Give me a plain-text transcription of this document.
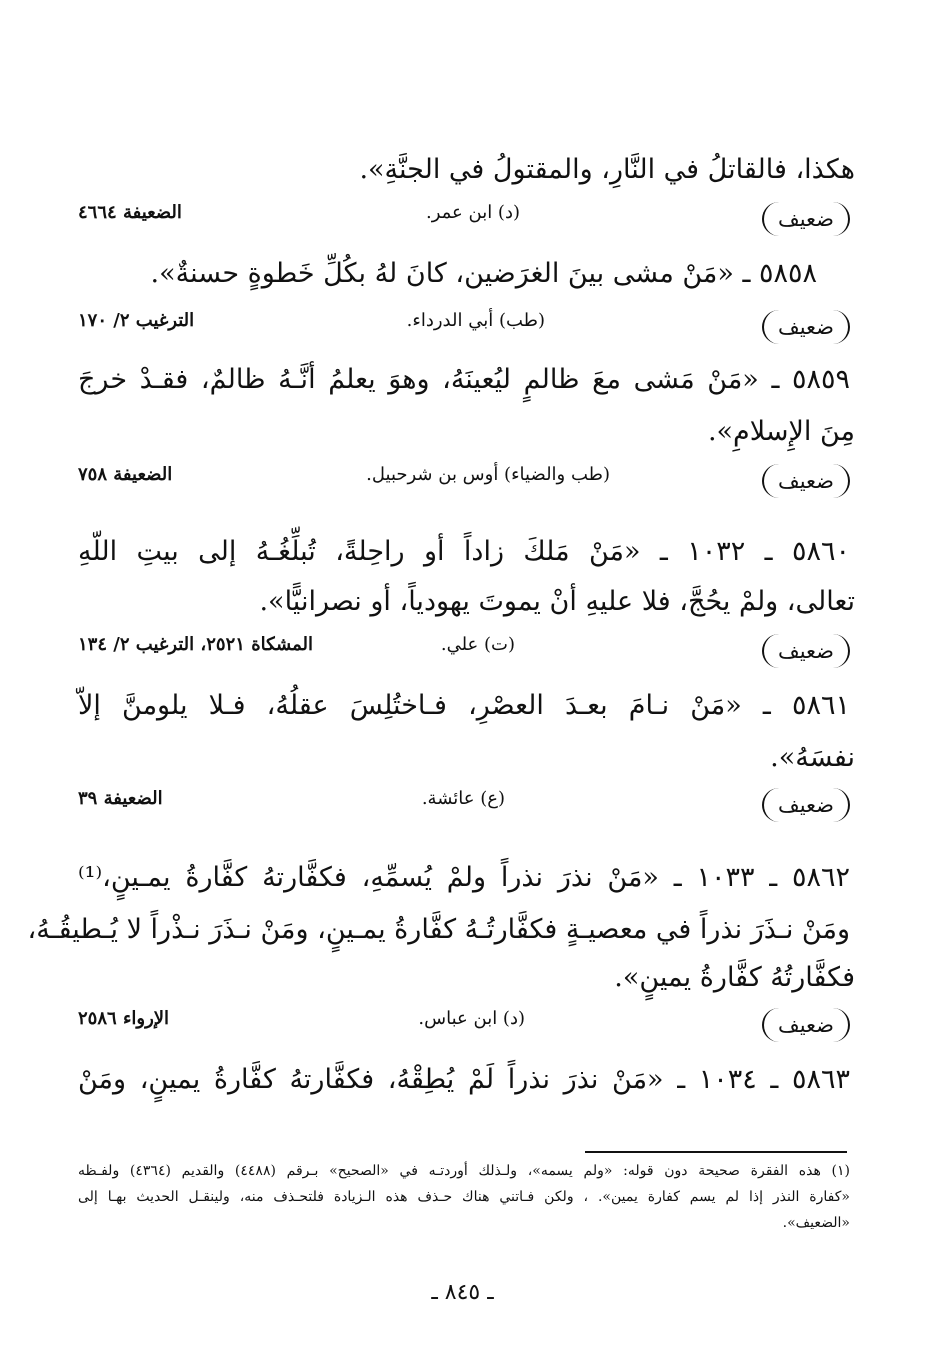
هكذا، فالقاتلُ في النَّارِ، والمقتولُ في الجنَّةِ».
ضعيف
(د) ابن عمر.
الضعيفة ٤٦٦٤
٥٨٥٨ ـ «مَنْ مشى بينَ الغرَضين، كانَ لهُ بكُلِّ خَطوةٍ حسنةٌ».
ضعيف
(طب) أبي الدرداء.
الترغيب ٢/ ١٧٠
٥٨٥٩ ـ «مَنْ مَشى معَ ظالمٍ ليُعينَهُ، وهوَ يعلمُ أنَّـهُ ظالمٌ، فقـدْ خرجَ
مِنَ الإِسلامِ».
ضعيف
(طب والضياء) أوس بن شرحبيل.
الضعيفة ٧٥٨
٥٨٦٠ ـ ١٠٣٢ ـ «مَنْ مَلكَ زاداً أو راحِلةً، تُبلِّغُـهُ إلى بيتِ اللّهِ
تعالى، ولمْ يحُجَّ، فلا عليهِ أنْ يموتَ يهودياً، أو نصرانيًّا».
ضعيف
(ت) علي.
المشكاة ٢٥٢١، الترغيب ٢/ ١٣٤
٥٨٦١ ـ «مَنْ نـامَ بعـدَ العصْرِ، فـاختُلِسَ عقلُهُ، فـلا يلومنَّ إلاّ
نفسَهُ».
ضعيف
(ع) عائشة.
الضعيفة ٣٩
٥٨٦٢ ـ ١٠٣٣ ـ «مَنْ نذرَ نذراً ولمْ يُسمِّهِ، فكفَّارتهُ كفَّارةُ يمـينٍ،⁽¹⁾
ومَنْ نـذَرَ نذراً في معصيـةٍ فكفَّارتُـهُ كفَّارةُ يمـينٍ، ومَنْ نـذَرَ نـذْراً لا يُـطيقُـهُ،
فكفَّارتُهُ كفَّارةُ يمينٍ».
ضعيف
(د) ابن عباس.
الإرواء ٢٥٨٦
٥٨٦٣ ـ ١٠٣٤ ـ «مَنْ نذرَ نذراً لَمْ يُطِقْهُ، فكفَّارتهُ كفَّارةُ يمينٍ، ومَنْ
(١) هذه الفقرة صحيحة دون قوله: «ولم يسمه»، ولـذلك أوردتـه في «الصحيح» بـرقم (٤٤٨٨) والقديم (٤٣٦٤) ولفـظه
«كفارة النذر إذا لم يسم كفارة يمين». ، ولكن فـاتني هناك حـذف هذه الـزيادة فلتحـذف منه، ولينقـل الحديث بهـا إلى
«الضعيف».
ـ ٨٤٥ ـ
